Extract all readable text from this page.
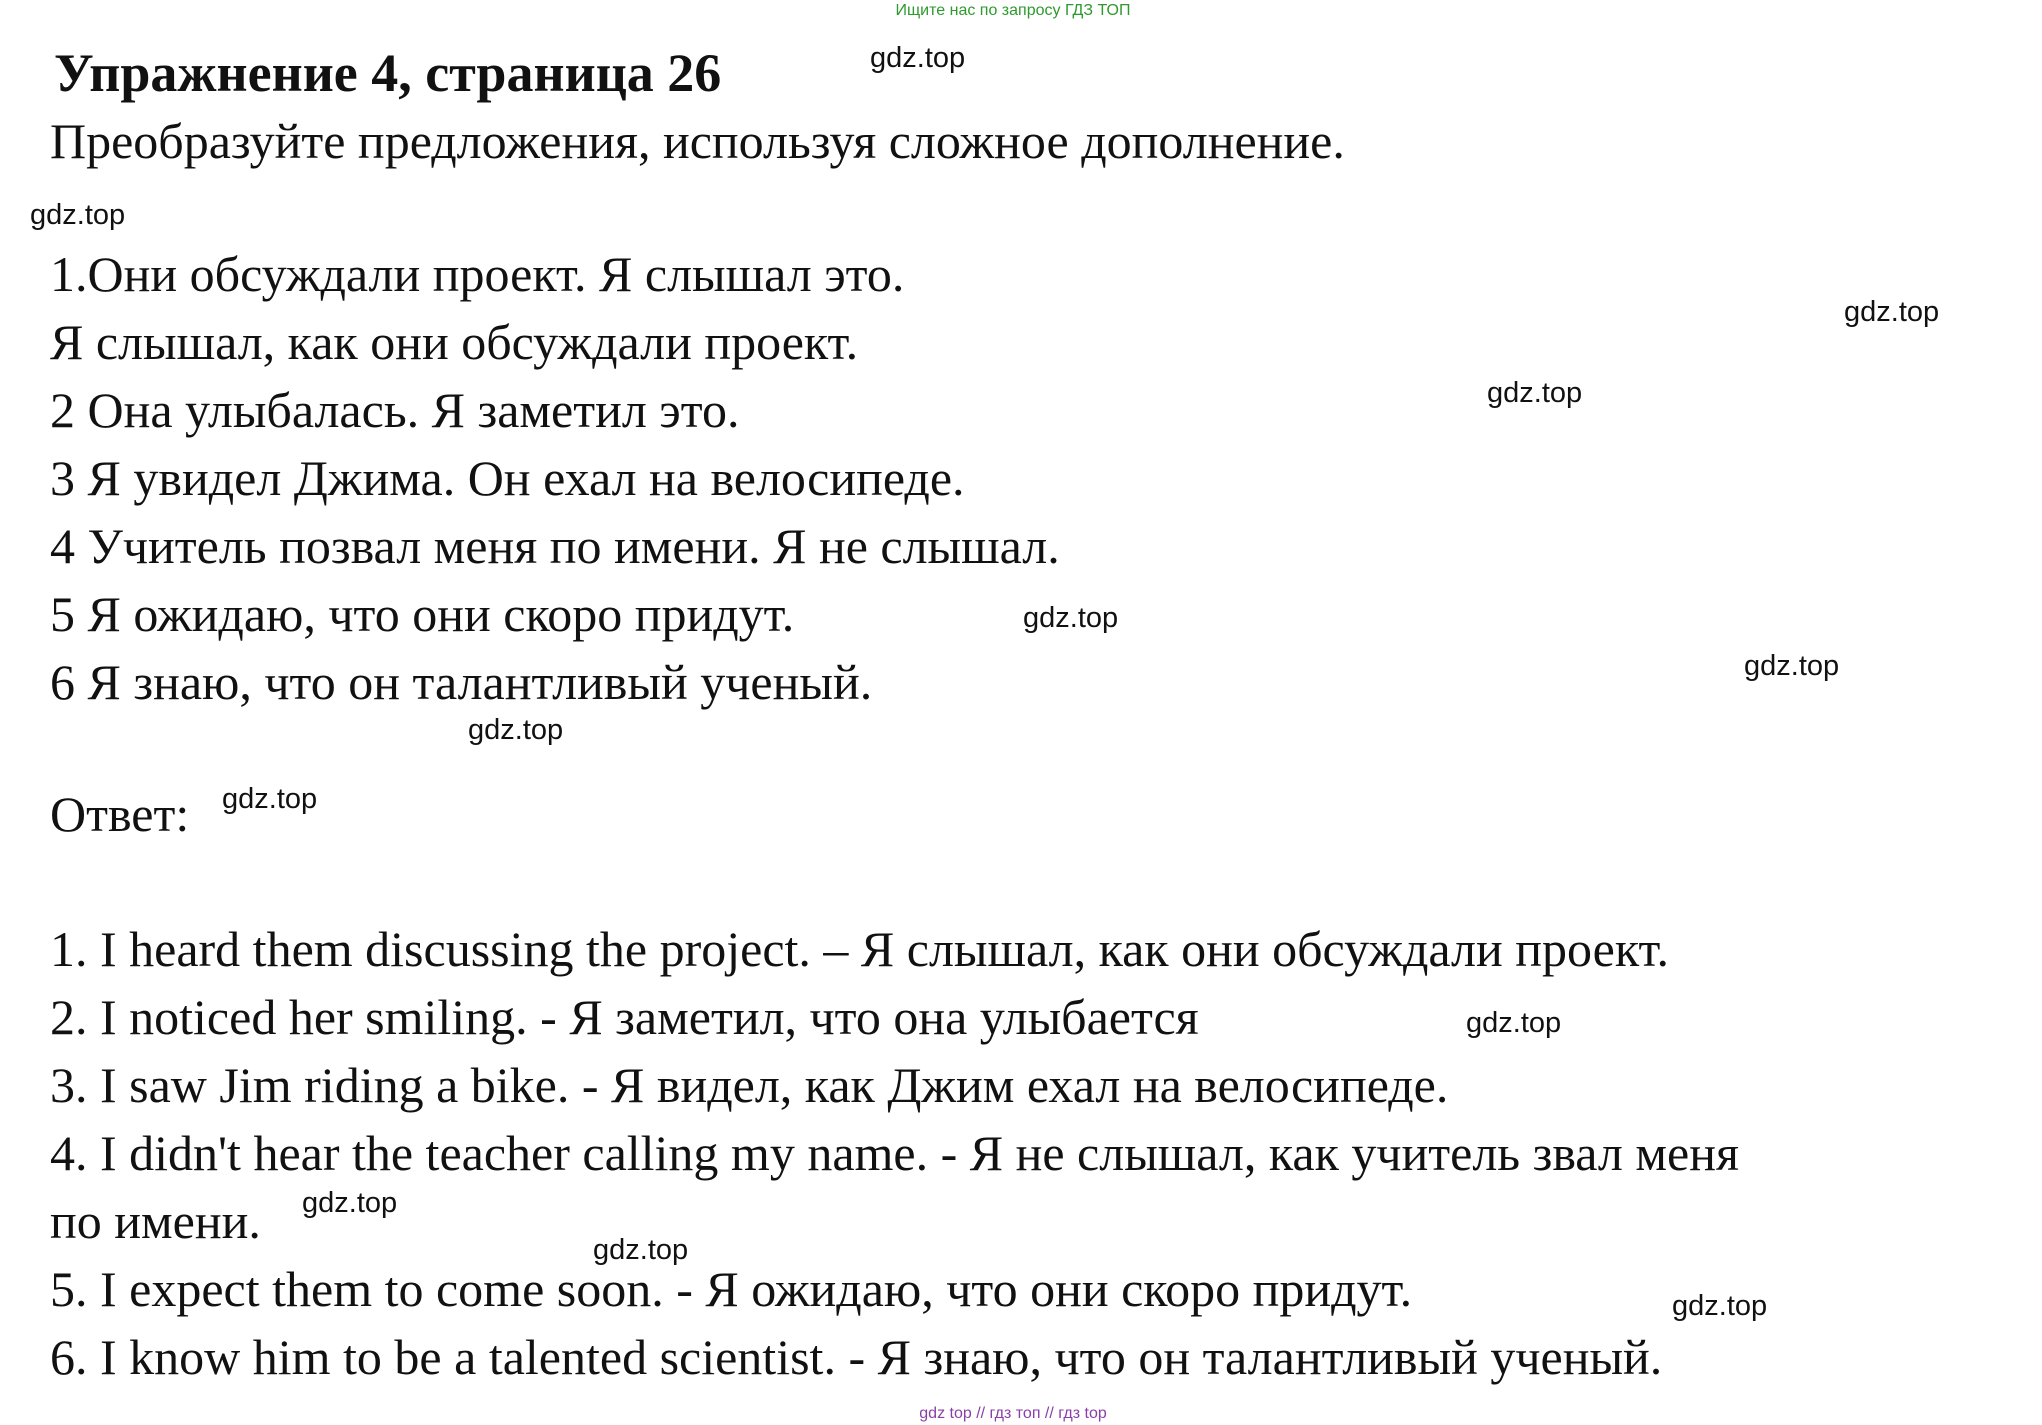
Ищите нас по запросу ГДЗ ТОП
Упражнение 4, страница 26
Преобразуйте предложения, используя сложное дополнение.
1.Они обсуждали проект. Я слышал это.
Я слышал, как они обсуждали проект.
2 Она улыбалась. Я заметил это.
3 Я увидел Джима. Он ехал на велосипеде.
4 Учитель позвал меня по имени. Я не слышал.
5 Я ожидаю, что они скоро придут.
6 Я знаю, что он талантливый ученый.
Ответ:
1. I heard them discussing the project. – Я слышал, как они обсуждали проект.
2. I noticed her smiling. - Я заметил, что она улыбается
3. I saw Jim riding a bike. - Я видел, как Джим ехал на велосипеде.
4. I didn't hear the teacher calling my name. - Я не слышал, как учитель звал меня
по имени.
5. I expect them to come soon. - Я ожидаю, что они скоро придут.
6. I know him to be a talented scientist. - Я знаю, что он талантливый ученый.
gdz.top
gdz.top
gdz.top
gdz.top
gdz.top
gdz.top
gdz.top
gdz.top
gdz.top
gdz.top
gdz.top
gdz.top
gdz top // гдз топ // гдз top
